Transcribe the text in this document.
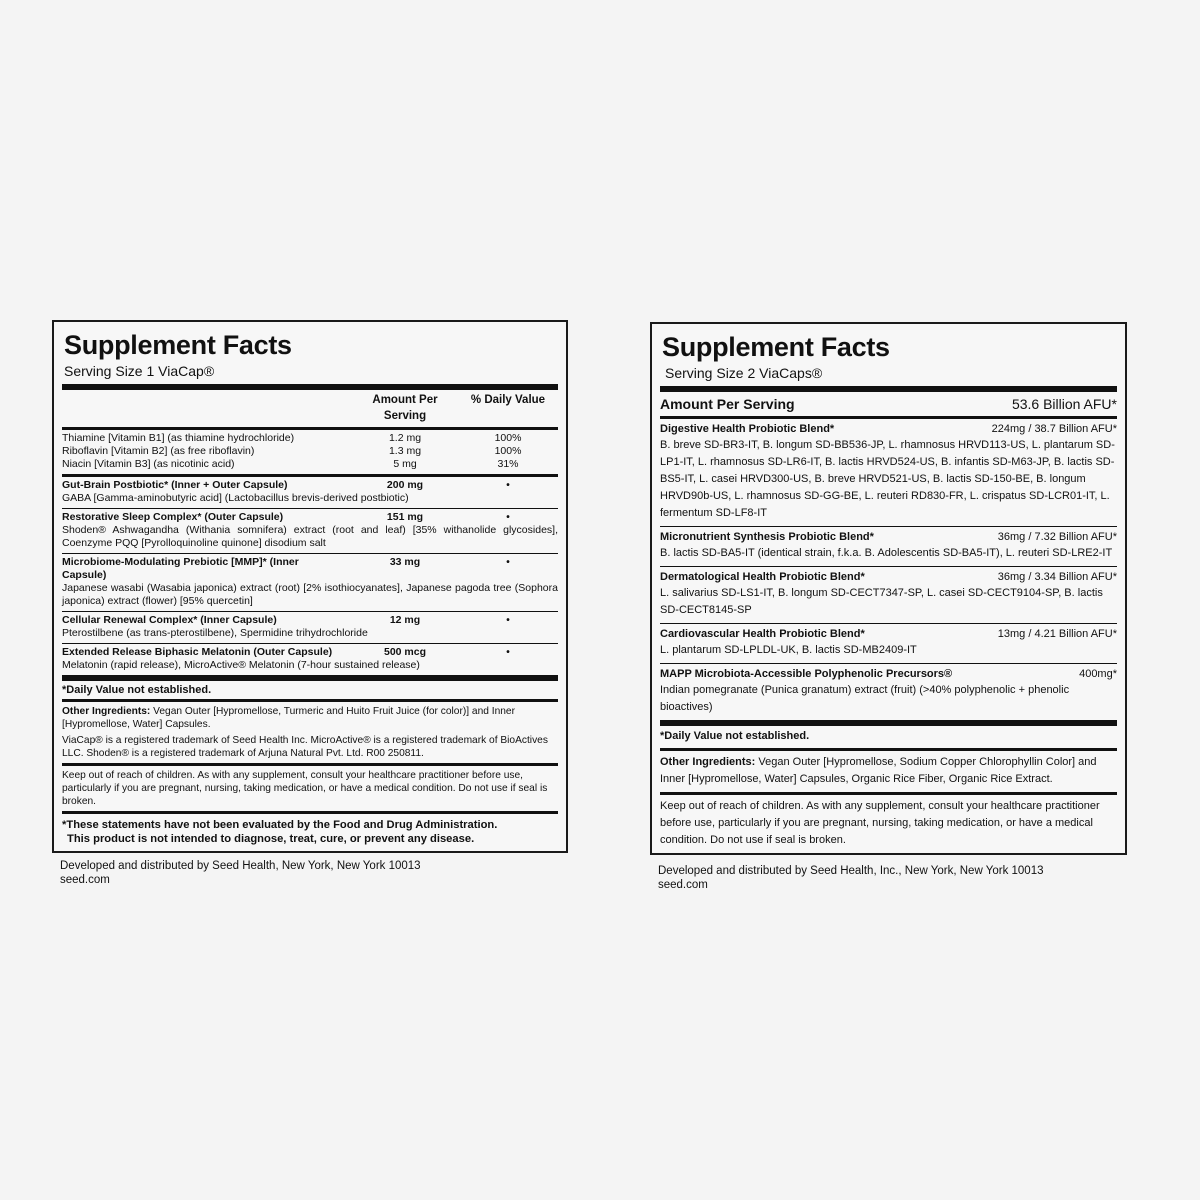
Supplement Facts
Serving Size 1 ViaCap®
Amount Per Serving
% Daily Value
Thiamine [Vitamin B1] (as thiamine hydrochloride)	1.2 mg	100%
Riboflavin [Vitamin B2] (as free riboflavin)	1.3 mg	100%
Niacin [Vitamin B3] (as nicotinic acid)	5 mg	31%
Gut-Brain Postbiotic* (Inner + Outer Capsule)	200 mg	•
GABA [Gamma-aminobutyric acid] (Lactobacillus brevis-derived postbiotic)
Restorative Sleep Complex* (Outer Capsule)	151 mg	•
Shoden® Ashwagandha (Withania somnifera) extract (root and leaf) [35% withanolide glycosides], Coenzyme PQQ [Pyrolloquinoline quinone] disodium salt
Microbiome-Modulating Prebiotic [MMP]* (Inner Capsule)
33 mg	•
Japanese wasabi (Wasabia japonica) extract (root) [2% isothiocyanates], Japanese pagoda tree (Sophora japonica) extract (flower) [95% quercetin]
Cellular Renewal Complex* (Inner Capsule)	12 mg	•
Pterostilbene (as trans-pterostilbene), Spermidine trihydrochloride
Extended Release Biphasic Melatonin (Outer Capsule)	500 mcg	•
Melatonin (rapid release), MicroActive® Melatonin (7-hour sustained release)
*Daily Value not established.
Other Ingredients: Vegan Outer [Hypromellose, Turmeric and Huito Fruit Juice (for color)] and Inner [Hypromellose, Water] Capsules.
ViaCap® is a registered trademark of Seed Health Inc. MicroActive® is a registered trademark of BioActives LLC. Shoden® is a registered trademark of Arjuna Natural Pvt. Ltd. R00 250811.
Keep out of reach of children. As with any supplement, consult your healthcare practitioner before use, particularly if you are pregnant, nursing, taking medication, or have a medical condition. Do not use if seal is broken.
*These statements have not been evaluated by the Food and Drug Administration.
This product is not intended to diagnose, treat, cure, or prevent any disease.
Developed and distributed by Seed Health, New York, New York 10013
seed.com
Supplement Facts
Serving Size 2 ViaCaps®
Amount Per Serving	53.6 Billion AFU*
Digestive Health Probiotic Blend*	224mg / 38.7 Billion AFU*
B. breve SD-BR3-IT, B. longum SD-BB536-JP, L. rhamnosus HRVD113-US, L. plantarum SD-LP1-IT, L. rhamnosus SD-LR6-IT, B. lactis HRVD524-US, B. infantis SD-M63-JP, B. lactis SD-BS5-IT, L. casei HRVD300-US, B. breve HRVD521-US, B. lactis SD-150-BE, B. longum HRVD90b-US, L. rhamnosus SD-GG-BE, L. reuteri RD830-FR, L. crispatus SD-LCR01-IT, L. fermentum SD-LF8-IT
Micronutrient Synthesis Probiotic Blend*	36mg / 7.32 Billion AFU*
B. lactis SD-BA5-IT (identical strain, f.k.a. B. Adolescentis SD-BA5-IT), L. reuteri SD-LRE2-IT
Dermatological Health Probiotic Blend*	36mg / 3.34 Billion AFU*
L. salivarius SD-LS1-IT, B. longum SD-CECT7347-SP, L. casei SD-CECT9104-SP, B. lactis SD-CECT8145-SP
Cardiovascular Health Probiotic Blend*	13mg / 4.21 Billion AFU*
L. plantarum SD-LPLDL-UK, B. lactis SD-MB2409-IT
MAPP Microbiota-Accessible Polyphenolic Precursors®	400mg*
Indian pomegranate (Punica granatum) extract (fruit) (>40% polyphenolic + phenolic bioactives)
*Daily Value not established.
Other Ingredients: Vegan Outer [Hypromellose, Sodium Copper Chlorophyllin Color] and Inner [Hypromellose, Water] Capsules, Organic Rice Fiber, Organic Rice Extract.
Keep out of reach of children. As with any supplement, consult your healthcare practitioner before use, particularly if you are pregnant, nursing, taking medication, or have a medical condition. Do not use if seal is broken.
Developed and distributed by Seed Health, Inc., New York, New York 10013
seed.com
